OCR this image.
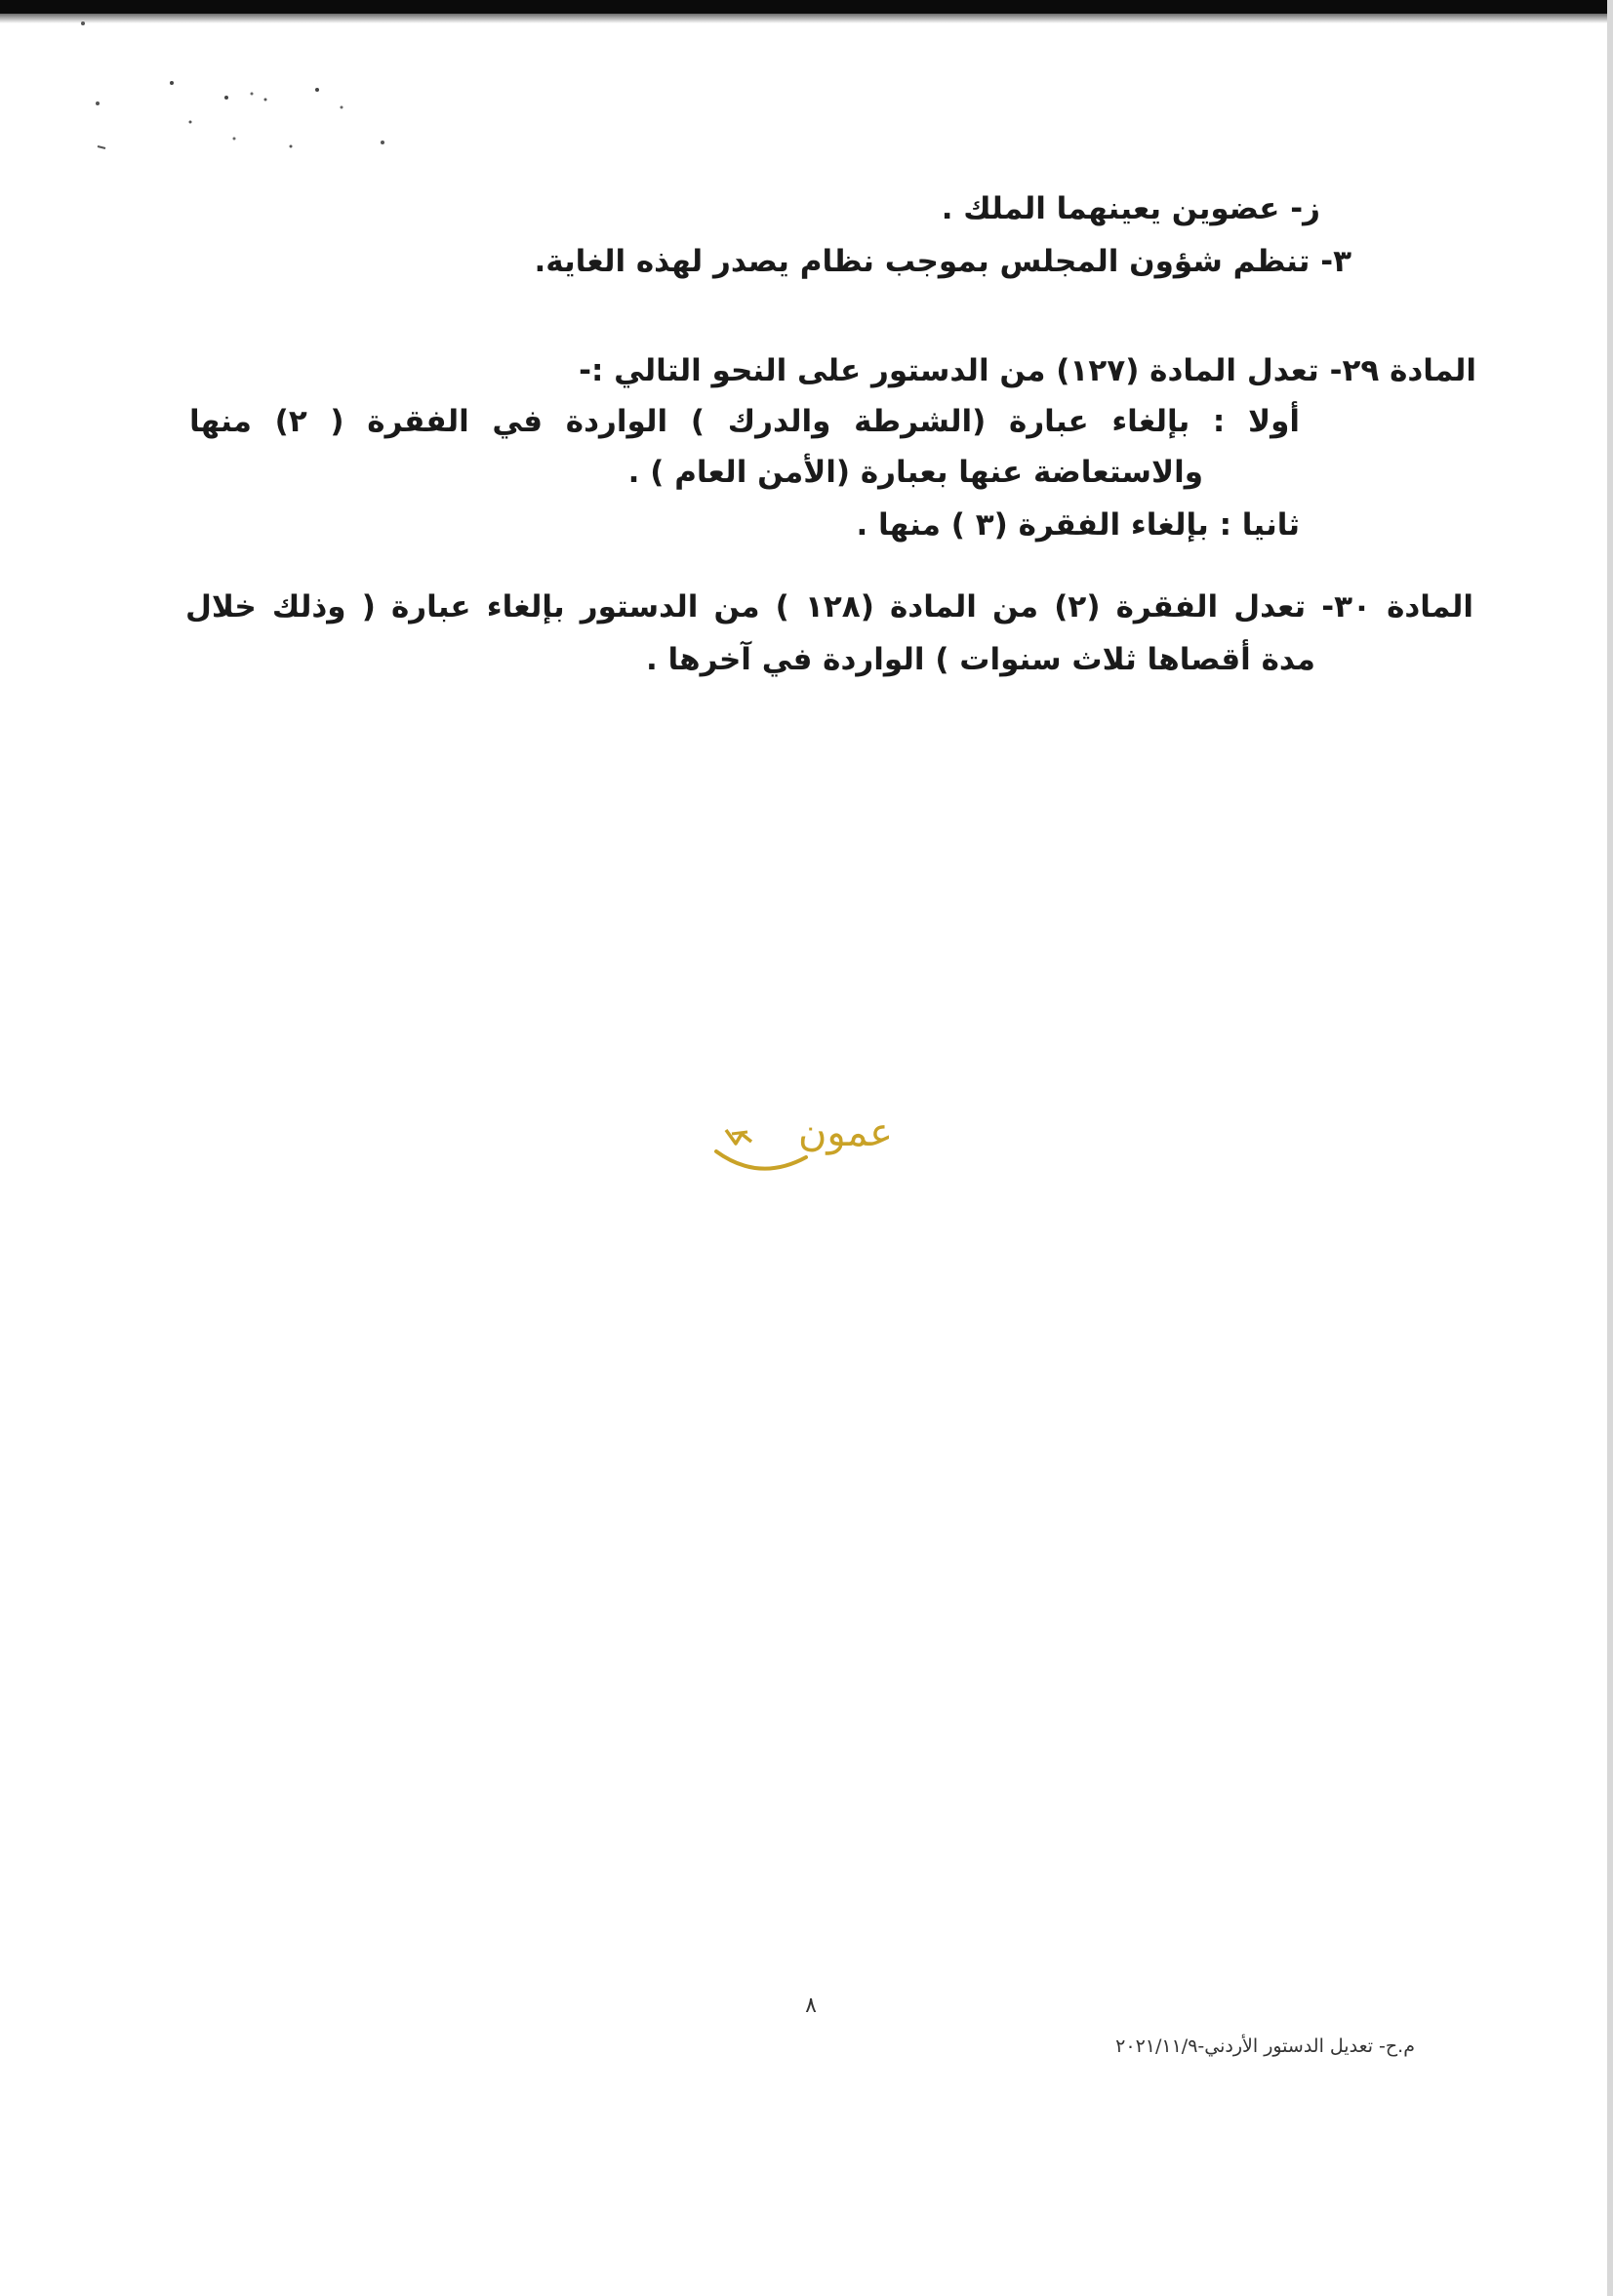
ز- عضوين يعينهما الملك .
٣- تنظم شؤون المجلس بموجب نظام يصدر لهذه الغاية.
المادة ٢٩- تعدل المادة (١٢٧) من الدستور على النحو التالي :-
أولا : بإلغاء عبارة (الشرطة والدرك ) الواردة في الفقرة ( ٢) منها
والاستعاضة عنها بعبارة (الأمن العام ) .
ثانيا : بإلغاء الفقرة (٣ ) منها .
المادة ٣٠- تعدل الفقرة (٢) من المادة (١٢٨ ) من الدستور بإلغاء عبارة ( وذلك خلال
مدة أقصاها ثلاث سنوات ) الواردة في آخرها .
عمون
٨
م.ح- تعديل الدستور الأردني-٢٠٢١/١١/٩
